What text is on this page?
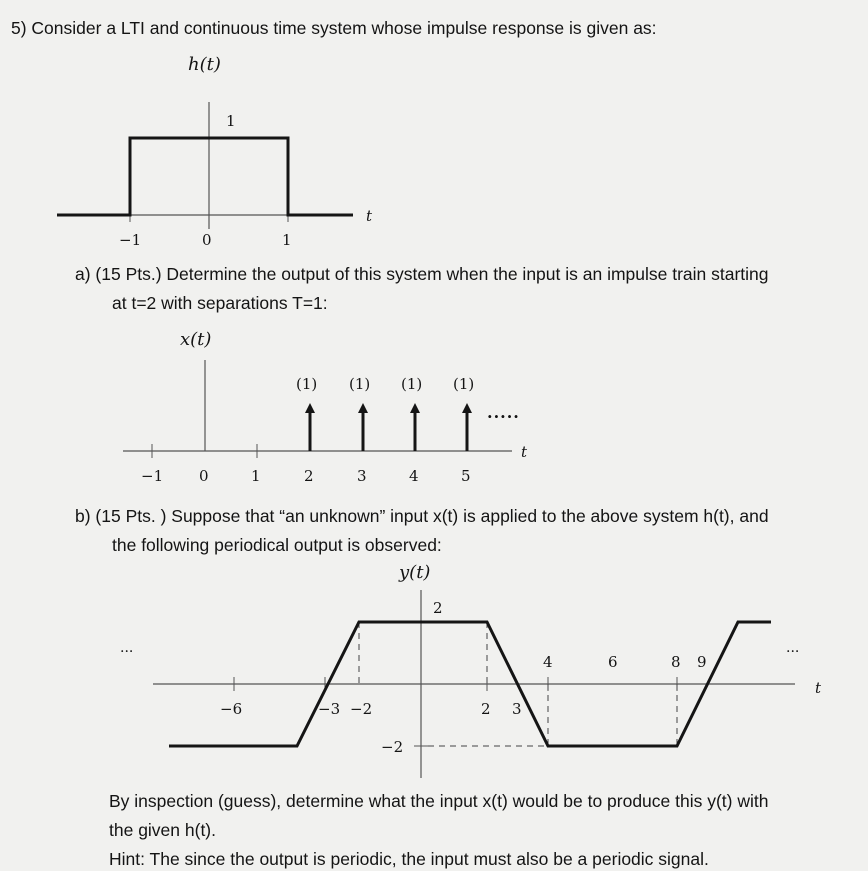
5) Consider a LTI and continuous time system whose impulse response is given as:
a) (15 Pts.) Determine the output of this system when the input is an impulse train starting
at t=2 with separations T=1:
b) (15 Pts. ) Suppose that “an unknown” input x(t) is applied to the above system h(t), and
the following periodical output is observed:
By inspection (guess), determine what the input x(t) would be to produce this y(t) with
the given h(t).
Hint: The since the output is periodic, the input must also be a periodic signal.
h(t)
1
t
−1	0	1
x(t)
(1) (1) (1) (1)
.....
t
−1 0	1	2	3	4	5
y(t)
2
−2
...	...
t
−6	−3 −2	2 3
4	6	8 9
